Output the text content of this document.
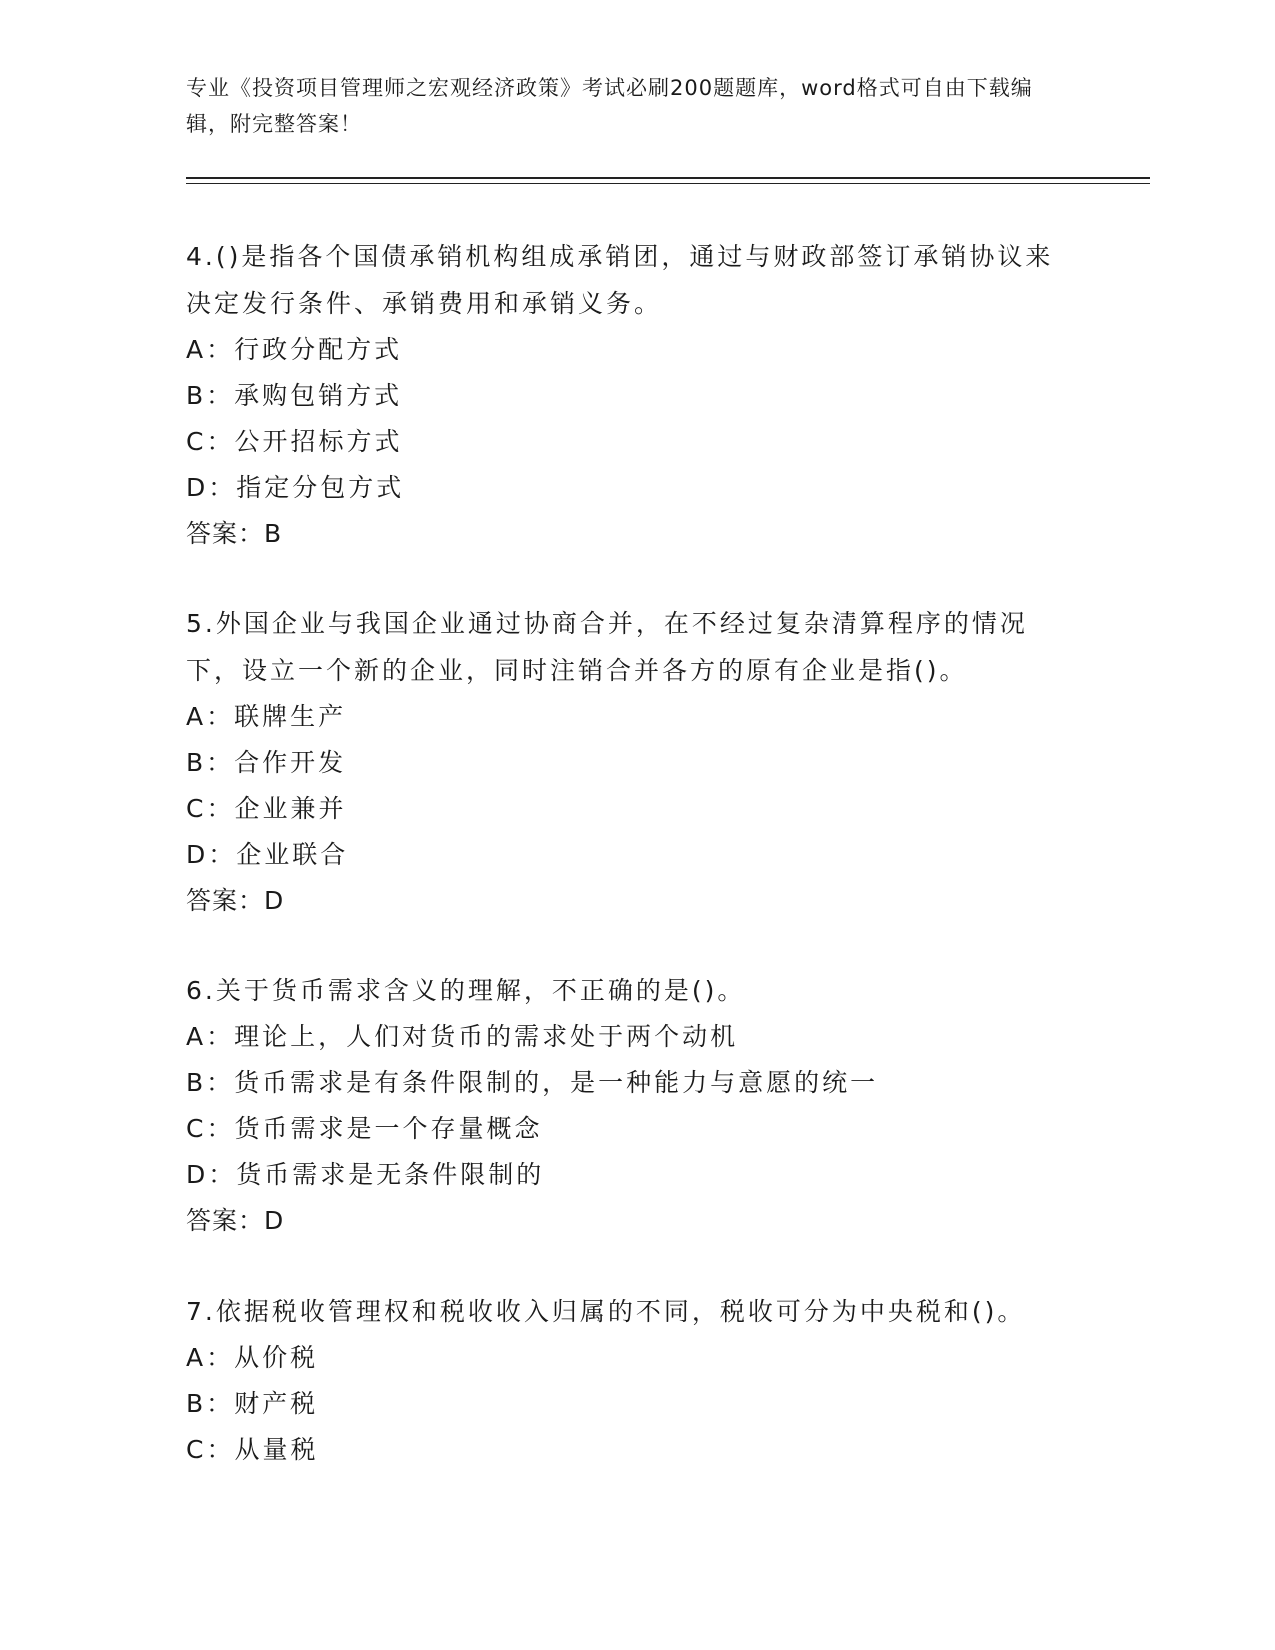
专业《投资项目管理师之宏观经济政策》考试必刷200题题库，word格式可自由下载编辑，附完整答案！
4.()是指各个国债承销机构组成承销团，通过与财政部签订承销协议来决定发行条件、承销费用和承销义务。
A：行政分配方式
B：承购包销方式
C：公开招标方式
D：指定分包方式
答案：B
5.外国企业与我国企业通过协商合并，在不经过复杂清算程序的情况下，设立一个新的企业，同时注销合并各方的原有企业是指()。
A：联牌生产
B：合作开发
C：企业兼并
D：企业联合
答案：D
6.关于货币需求含义的理解，不正确的是()。
A：理论上，人们对货币的需求处于两个动机
B：货币需求是有条件限制的，是一种能力与意愿的统一
C：货币需求是一个存量概念
D：货币需求是无条件限制的
答案：D
7.依据税收管理权和税收收入归属的不同，税收可分为中央税和()。
A：从价税
B：财产税
C：从量税
